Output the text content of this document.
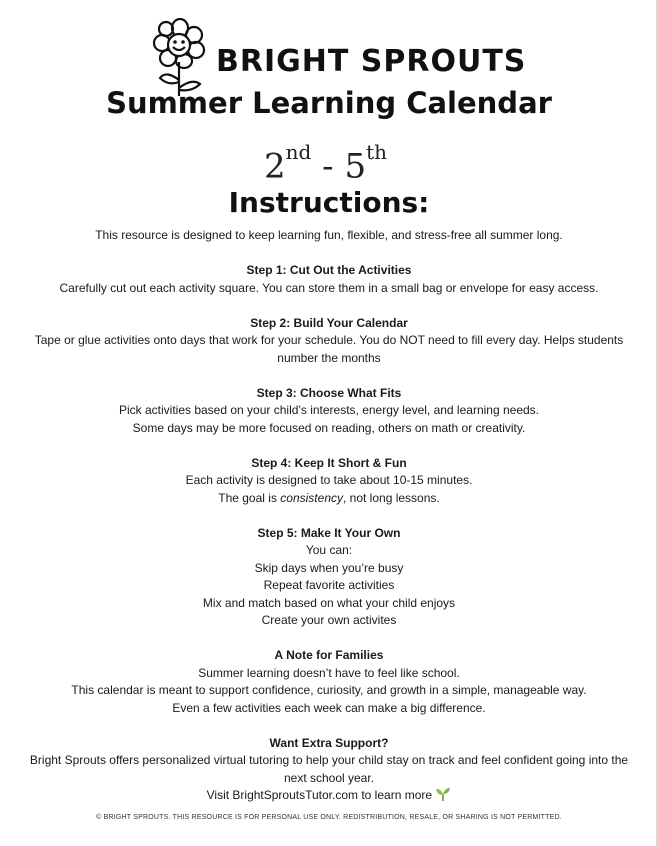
BRIGHT SPROUTS
Summer Learning Calendar
2nd - 5th
Instructions:

This resource is designed to keep learning fun, flexible, and stress-free all summer long.

Step 1: Cut Out the Activities

Carefully cut out each activity square. You can store them in a small bag or envelope for easy access.

Step 2: Build Your Calendar

Tape or glue activities onto days that work for your schedule. You do NOT need to fill every day. Helps students

number the months

Step 3: Choose What Fits

Pick activities based on your child’s interests, energy level, and learning needs.

Some days may be more focused on reading, others on math or creativity.

Step 4: Keep It Short & Fun

Each activity is designed to take about 10-15 minutes.

The goal is consistency, not long lessons.

Step 5: Make It Your Own

You can:

Skip days when you’re busy

Repeat favorite activities

Mix and match based on what your child enjoys

Create your own activites

A Note for Families

Summer learning doesn’t have to feel like school.

This calendar is meant to support confidence, curiosity, and growth in a simple, manageable way.

Even a few activities each week can make a big difference.

Want Extra Support?

Bright Sprouts offers personalized virtual tutoring to help your child stay on track and feel confident going into the

next school year.

Visit BrightSproutsTutor.com to learn more

© BRIGHT SPROUTS. THIS RESOURCE IS FOR PERSONAL USE ONLY. REDISTRIBUTION, RESALE, OR SHARING IS NOT PERMITTED.
